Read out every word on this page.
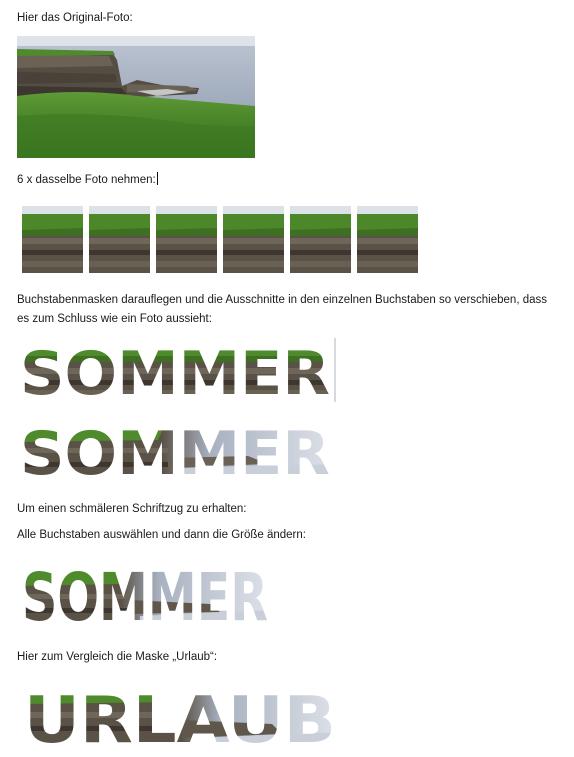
Hier das Original-Foto:
6 x dasselbe Foto nehmen:
Buchstabenmasken darauflegen und die Ausschnitte in den einzelnen Buchstaben so verschieben, dass es zum Schluss wie ein Foto aussieht:
Um einen schmäleren Schriftzug zu erhalten:
Alle Buchstaben auswählen und dann die Größe ändern:
Hier zum Vergleich die Maske „Urlaub“:
